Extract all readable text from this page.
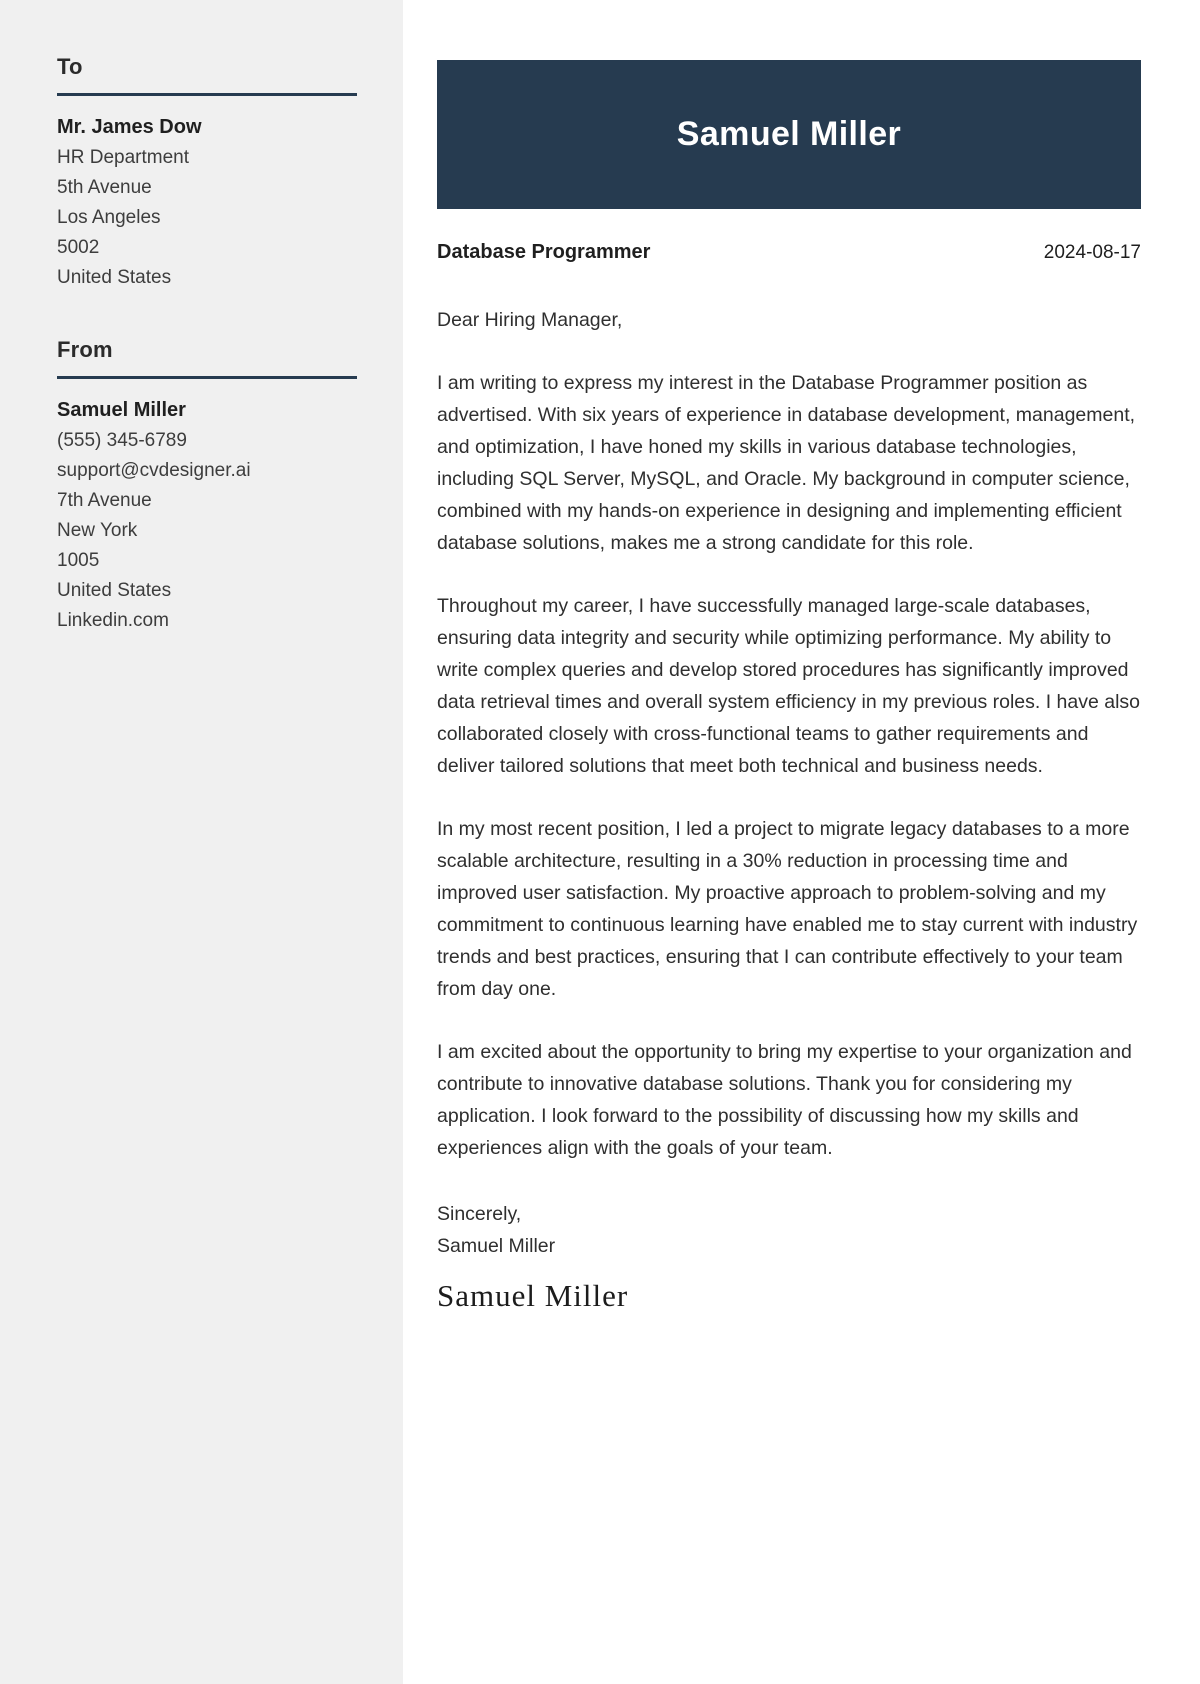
To

Mr. James Dow

HR Department

5th Avenue

Los Angeles

5002

United States

From

Samuel Miller

(555) 345-6789

support@cvdesigner.ai

7th Avenue

New York

1005

United States

Linkedin.com

Samuel Miller
Database Programmer	2024-08-17

Dear Hiring Manager,

I am writing to express my interest in the Database Programmer position as advertised. With six years of experience in database development, management, and optimization, I have honed my skills in various database technologies, including SQL Server, MySQL, and Oracle. My background in computer science, combined with my hands-on experience in designing and implementing efficient database solutions, makes me a strong candidate for this role.

Throughout my career, I have successfully managed large-scale databases, ensuring data integrity and security while optimizing performance. My ability to write complex queries and develop stored procedures has significantly improved data retrieval times and overall system efficiency in my previous roles. I have also collaborated closely with cross-functional teams to gather requirements and deliver tailored solutions that meet both technical and business needs.

In my most recent position, I led a project to migrate legacy databases to a more scalable architecture, resulting in a 30% reduction in processing time and improved user satisfaction. My proactive approach to problem-solving and my commitment to continuous learning have enabled me to stay current with industry trends and best practices, ensuring that I can contribute effectively to your team from day one.

I am excited about the opportunity to bring my expertise to your organization and contribute to innovative database solutions. Thank you for considering my application. I look forward to the possibility of discussing how my skills and experiences align with the goals of your team.

Sincerely,

Samuel Miller

Samuel Miller
